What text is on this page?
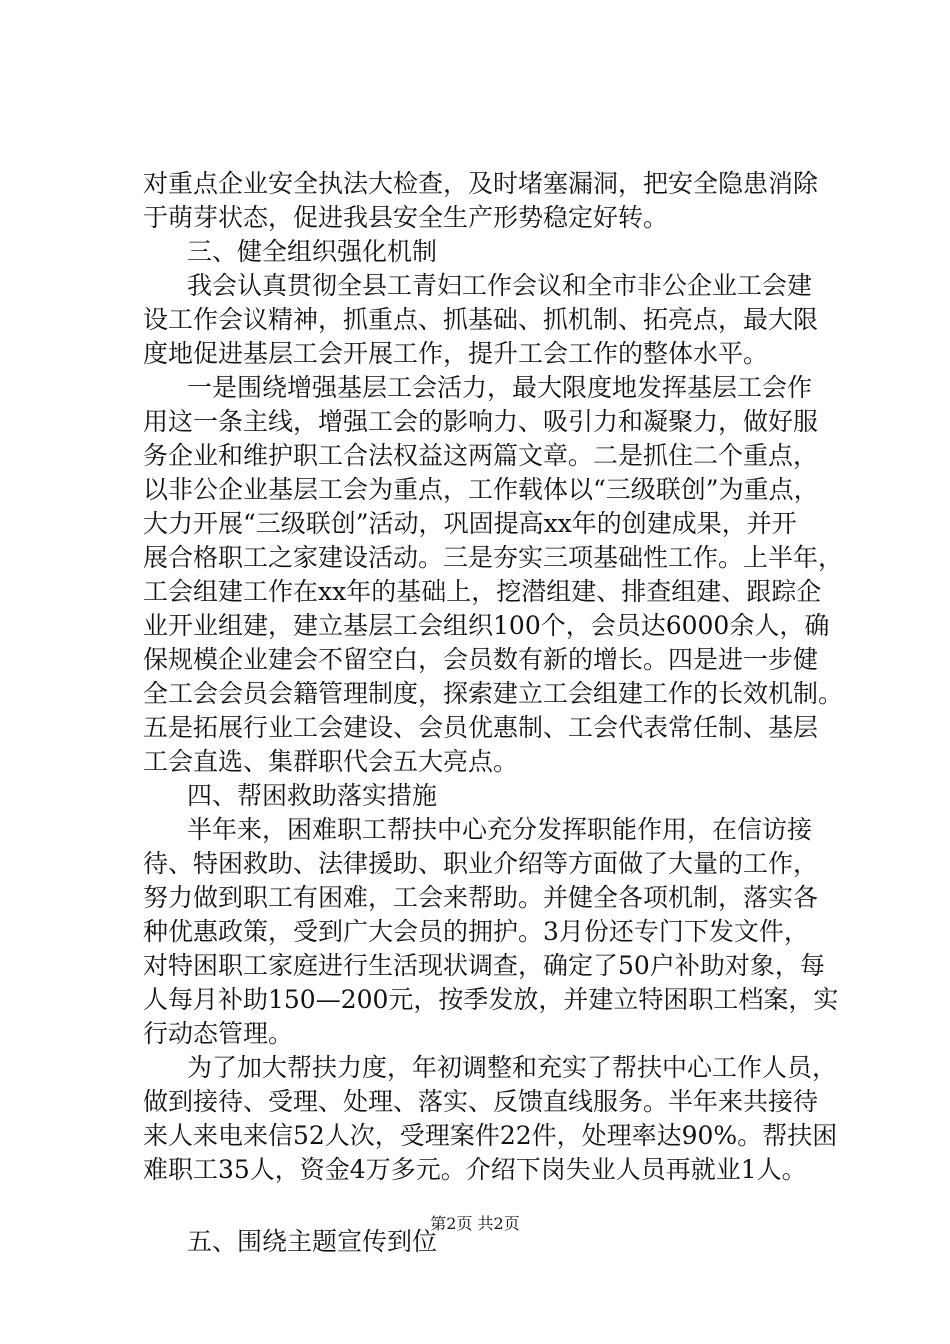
对重点企业安全执法大检查，及时堵塞漏洞，把安全隐患消除
于萌芽状态，促进我县安全生产形势稳定好转。
三、健全组织强化机制
我会认真贯彻全县工青妇工作会议和全市非公企业工会建
设工作会议精神，抓重点、抓基础、抓机制、拓亮点，最大限
度地促进基层工会开展工作，提升工会工作的整体水平。
一是围绕增强基层工会活力，最大限度地发挥基层工会作
用这一条主线，增强工会的影响力、吸引力和凝聚力，做好服
务企业和维护职工合法权益这两篇文章。二是抓住二个重点，
以非公企业基层工会为重点，工作载体以“三级联创”为重点，
大力开展“三级联创”活动，巩固提高xx年的创建成果，并开
展合格职工之家建设活动。三是夯实三项基础性工作。上半年，
工会组建工作在xx年的基础上，挖潜组建、排查组建、跟踪企
业开业组建，建立基层工会组织100个，会员达6000余人，确
保规模企业建会不留空白，会员数有新的增长。四是进一步健
全工会会员会籍管理制度，探索建立工会组建工作的长效机制。
五是拓展行业工会建设、会员优惠制、工会代表常任制、基层
工会直选、集群职代会五大亮点。
四、帮困救助落实措施
半年来，困难职工帮扶中心充分发挥职能作用，在信访接
待、特困救助、法律援助、职业介绍等方面做了大量的工作，
努力做到职工有困难，工会来帮助。并健全各项机制，落实各
种优惠政策，受到广大会员的拥护。3月份还专门下发文件，
对特困职工家庭进行生活现状调查，确定了50户补助对象，每
人每月补助150—200元，按季发放，并建立特困职工档案，实
行动态管理。
为了加大帮扶力度，年初调整和充实了帮扶中心工作人员，
做到接待、受理、处理、落实、反馈直线服务。半年来共接待
来人来电来信52人次，受理案件22件，处理率达90%。帮扶困
难职工35人，资金4万多元。介绍下岗失业人员再就业1人。
五、围绕主题宣传到位
第2页 共2页
